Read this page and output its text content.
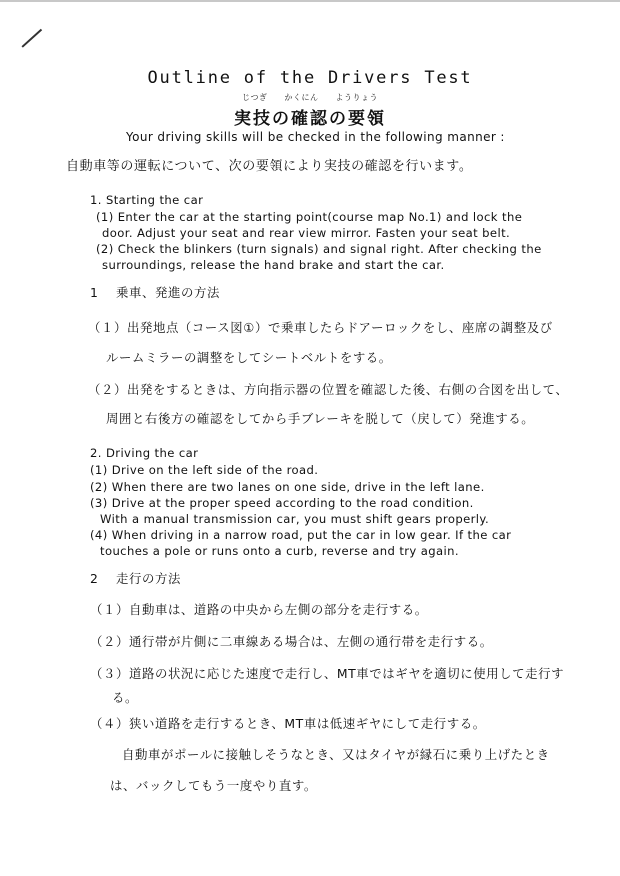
Outline of the Drivers Test
じつぎ　　かくにん　　ようりょう
実技の確認の要領
Your driving skills will be checked in the following manner :
自動車等の運転について、次の要領により実技の確認を行います。
1. Starting the car
(1) Enter the car at the starting point(course map No.1) and lock the
door. Adjust your seat and rear view mirror. Fasten your seat belt.
(2) Check the blinkers (turn signals) and signal right. After checking the
surroundings, release the hand brake and start the car.
1　 乗車、発進の方法
（１）出発地点（コース図①）で乗車したらドアーロックをし、座席の調整及び
ルームミラーの調整をしてシートベルトをする。
（２）出発をするときは、方向指示器の位置を確認した後、右側の合図を出して、
周囲と右後方の確認をしてから手ブレーキを脱して（戻して）発進する。
2. Driving the car
(1) Drive on the left side of the road.
(2) When there are two lanes on one side, drive in the left lane.
(3) Drive at the proper speed according to the road condition.
With a manual transmission car, you must shift gears properly.
(4) When driving in a narrow road, put the car in low gear. If the car
touches a pole or runs onto a curb, reverse and try again.
2　 走行の方法
（１）自動車は、道路の中央から左側の部分を走行する。
（２）通行帯が片側に二車線ある場合は、左側の通行帯を走行する。
（３）道路の状況に応じた速度で走行し、MT車ではギヤを適切に使用して走行す
る。
（４）狭い道路を走行するとき、MT車は低速ギヤにして走行する。
自動車がポールに接触しそうなとき、又はタイヤが縁石に乗り上げたとき
は、バックしてもう一度やり直す。
